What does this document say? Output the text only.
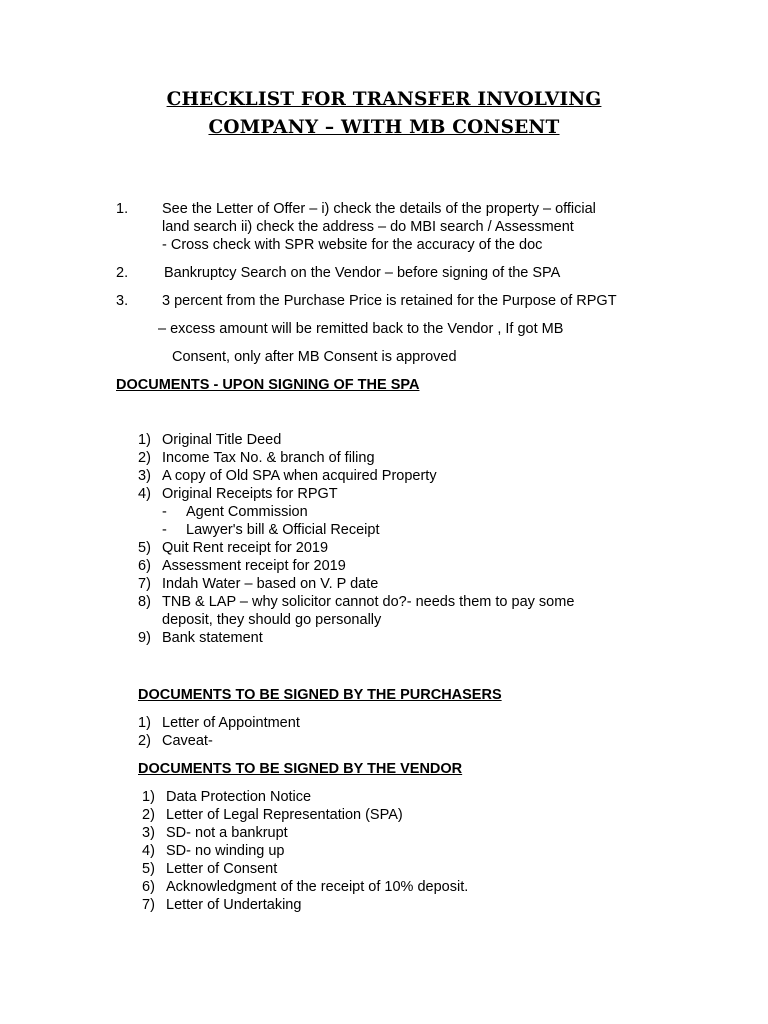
CHECKLIST FOR TRANSFER INVOLVING
COMPANY – WITH MB CONSENT
1. See the Letter of Offer – i) check the details of the property – official
land search ii) check the address – do MBI search / Assessment
- Cross check with SPR website for the accuracy of the doc
2. Bankruptcy Search on the Vendor – before signing of the SPA
3. 3 percent from the Purchase Price is retained for the Purpose of RPGT
– excess amount will be remitted back to the Vendor , If got MB
Consent, only after MB Consent is approved
DOCUMENTS - UPON SIGNING OF THE SPA
1) Original Title Deed
2) Income Tax No. & branch of filing
3) A copy of Old SPA when acquired Property
4) Original Receipts for RPGT
- Agent Commission
- Lawyer's bill & Official Receipt
5) Quit Rent receipt for 2019
6) Assessment receipt for 2019
7) Indah Water – based on V. P date
8) TNB & LAP – why solicitor cannot do?- needs them to pay some
deposit, they should go personally
9) Bank statement
DOCUMENTS TO BE SIGNED BY THE PURCHASERS
1) Letter of Appointment
2) Caveat-
DOCUMENTS TO BE SIGNED BY THE VENDOR
1) Data Protection Notice
2) Letter of Legal Representation (SPA)
3) SD- not a bankrupt
4) SD- no winding up
5) Letter of Consent
6) Acknowledgment of the receipt of 10% deposit.
7) Letter of Undertaking
